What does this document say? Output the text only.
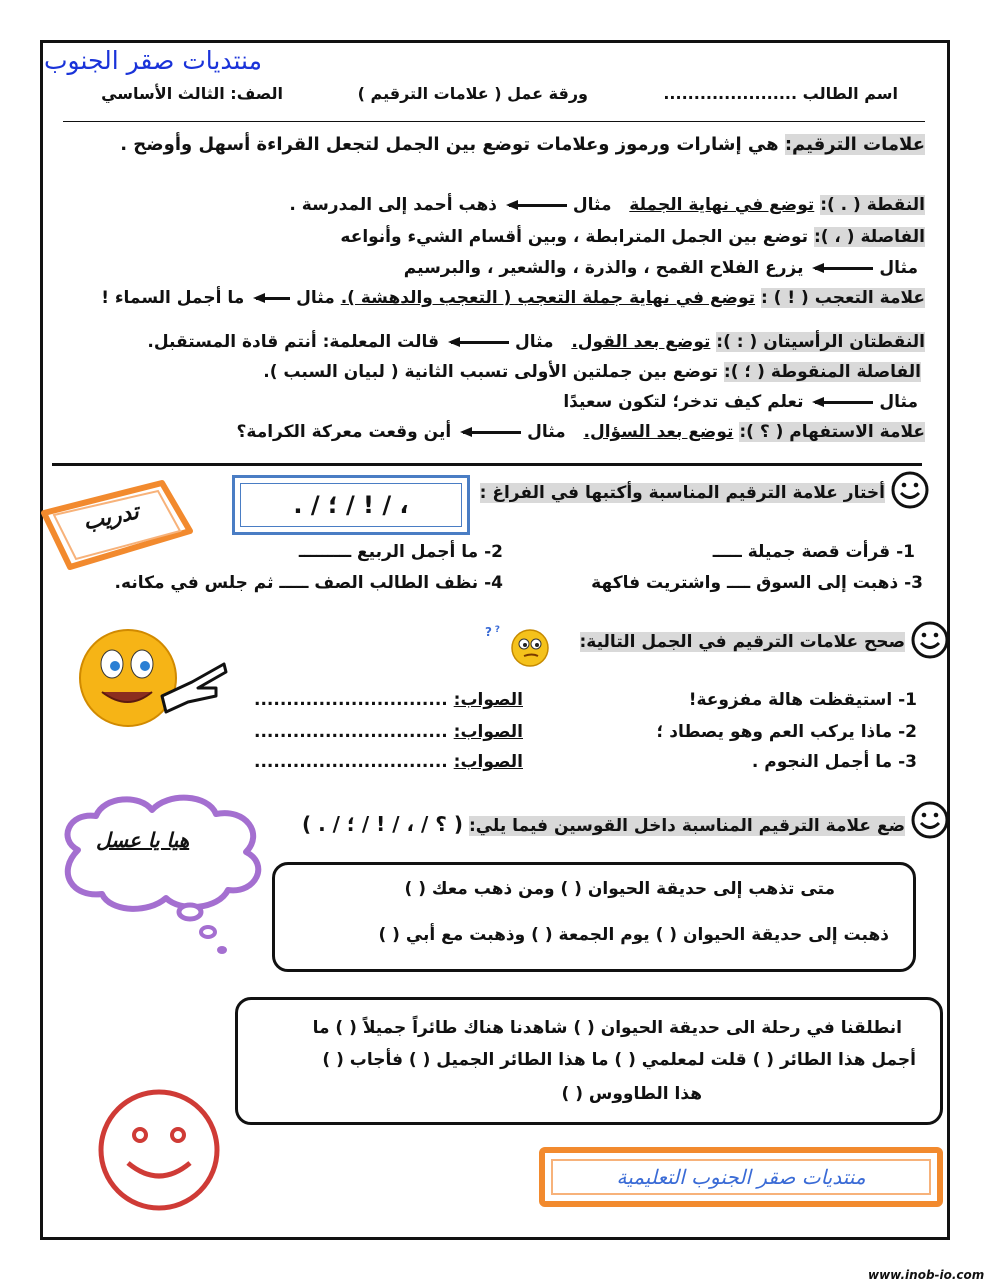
منتديات صقر الجنوب
اسم الطالب ......................
ورقة عمل ( علامات الترقيم )
الصف: الثالث الأساسي
علامات الترقيم: هي إشارات ورموز وعلامات توضع بين الجمل لتجعل القراءة أسهل وأوضح .
النقطة ( . ): توضع في نهاية الجملة   مثال ذهب أحمد إلى المدرسة .
الفاصلة ( ، ): توضع بين الجمل المترابطة ، وبين أقسام الشيء وأنواعه
مثال يزرع الفلاح القمح ، والذرة ، والشعير ، والبرسيم
علامة التعجب ( ! ) : توضع في نهاية جملة التعجب ( التعجب والدهشة ). مثال ما أجمل السماء !
النقطتان الرأسيتان ( : ): توضع بعد القول.   مثال قالت المعلمة: أنتم قادة المستقبل.
الفاصلة المنقوطة ( ؛ ): توضع بين جملتين الأولى تسبب الثانية ( لبيان السبب ).
مثال تعلم كيف تدخر؛ لتكون سعيدًا
علامة الاستفهام ( ؟ ): توضع بعد السؤال.   مثال أين وقعت معركة الكرامة؟
أختار علامة الترقيم المناسبة وأكتبها في الفراغ :
، / ! / ؛ / .
تدريب
1- قرأت قصة جميلة ـــــ
2- ما أجمل الربيع ـــــــــ
3- ذهبت إلى السوق ــــ واشتريت فاكهة
4- نظف الطالب الصف ـــــ ثم جلس في مكانه.
صحح علامات الترقيم في الجمل التالية:
? ?
1- استيقظت هالة مفزوعة!
2- ماذا يركب العم وهو يصطاد ؛
3- ما أجمل النجوم .
الصواب: ..............................
الصواب: ..............................
الصواب: ..............................
ضع علامة الترقيم المناسبة داخل القوسين فيما يلي: ( ؟ / ، / ! / ؛ / . )
هيا يا عسل
متى تذهب إلى حديقة الحيوان ( ) ومن ذهب معك ( )
ذهبت إلى حديقة الحيوان ( ) يوم الجمعة ( ) وذهبت مع أبي ( )
انطلقنا في رحلة الى حديقة الحيوان ( ) شاهدنا هناك طائراً جميلاً ( ) ما
أجمل هذا الطائر ( ) قلت لمعلمي ( ) ما هذا الطائر الجميل ( ) فأجاب ( )
هذا الطاووس ( )
منتديات صقر الجنوب التعليمية
www.inob-io.com
